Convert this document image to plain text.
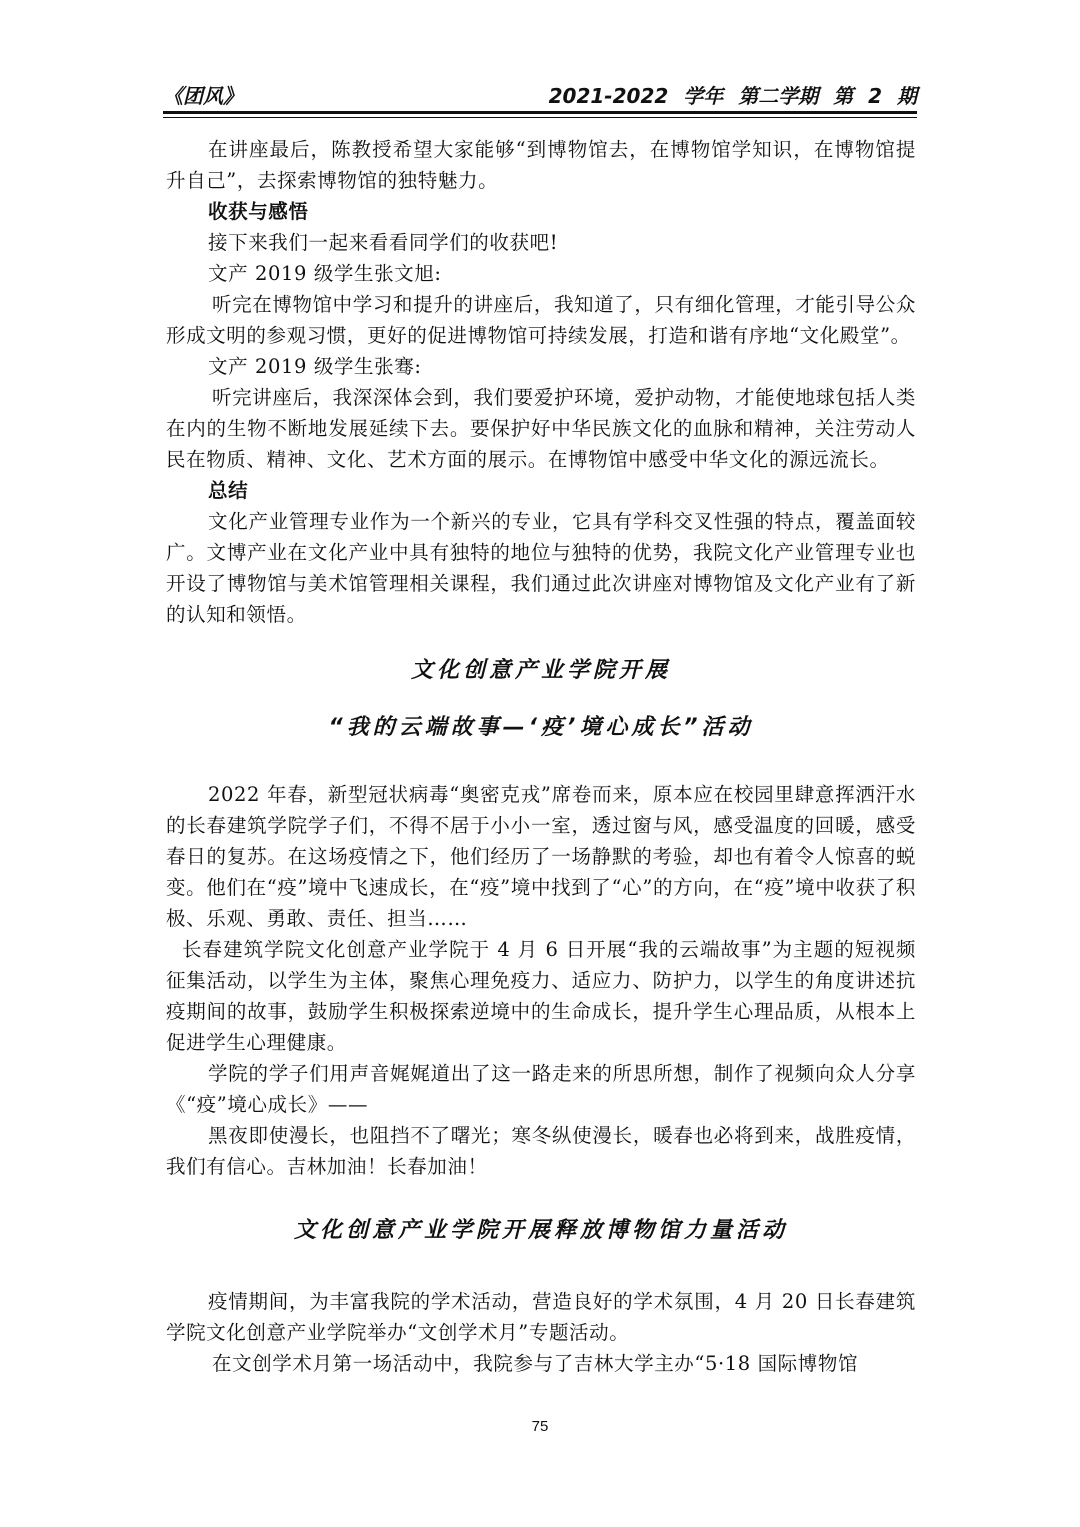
《团风》	2021-2022 学年 第二学期 第 2 期

在讲座最后，陈教授希望大家能够“到博物馆去，在博物馆学知识，在博物馆提升自己”，去探索博物馆的独特魅力。

收获与感悟

接下来我们一起来看看同学们的收获吧!

文产 2019 级学生张文旭:

听完在博物馆中学习和提升的讲座后，我知道了，只有细化管理，才能引导公众形成文明的参观习惯，更好的促进博物馆可持续发展，打造和谐有序地“文化殿堂”。

文产 2019 级学生张骞:

听完讲座后，我深深体会到，我们要爱护环境，爱护动物，才能使地球包括人类在内的生物不断地发展延续下去。要保护好中华民族文化的血脉和精神，关注劳动人民在物质、精神、文化、艺术方面的展示。在博物馆中感受中华文化的源远流长。

总结

文化产业管理专业作为一个新兴的专业，它具有学科交叉性强的特点，覆盖面较广。文博产业在文化产业中具有独特的地位与独特的优势，我院文化产业管理专业也开设了博物馆与美术馆管理相关课程，我们通过此次讲座对博物馆及文化产业有了新的认知和领悟。

文化创意产业学院开展

“我的云端故事—‘疫’境心成长”活动

2022 年春，新型冠状病毒“奥密克戎”席卷而来，原本应在校园里肆意挥洒汗水的长春建筑学院学子们，不得不居于小小一室，透过窗与风，感受温度的回暖，感受春日的复苏。在这场疫情之下，他们经历了一场静默的考验，却也有着令人惊喜的蜕变。他们在“疫”境中飞速成长，在“疫”境中找到了“心”的方向，在“疫”境中收获了积极、乐观、勇敢、责任、担当……

长春建筑学院文化创意产业学院于 4 月 6 日开展“我的云端故事”为主题的短视频征集活动，以学生为主体，聚焦心理免疫力、适应力、防护力，以学生的角度讲述抗疫期间的故事，鼓励学生积极探索逆境中的生命成长，提升学生心理品质，从根本上促进学生心理健康。

学院的学子们用声音娓娓道出了这一路走来的所思所想，制作了视频向众人分享《“疫”境心成长》——

黑夜即使漫长，也阻挡不了曙光；寒冬纵使漫长，暖春也必将到来，战胜疫情，我们有信心。吉林加油！长春加油！

文化创意产业学院开展释放博物馆力量活动

疫情期间，为丰富我院的学术活动，营造良好的学术氛围，4 月 20 日长春建筑学院文化创意产业学院举办“文创学术月”专题活动。

在文创学术月第一场活动中，我院参与了吉林大学主办“5·18 国际博物馆

75
